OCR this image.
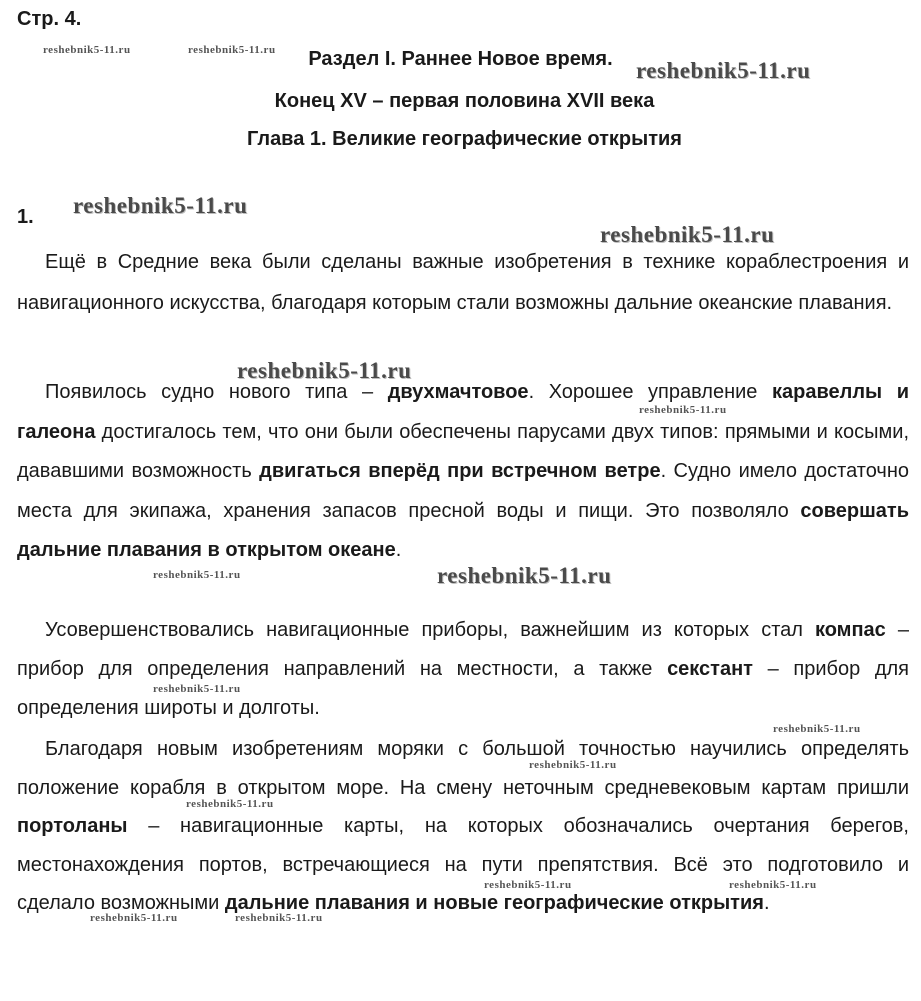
Стр. 4.
Раздел I. Раннее Новое время.
Конец XV – первая половина XVII века
Глава 1. Великие географические открытия
1.

Ещё в Средние века были сделаны важные изобретения в технике кораблестроения и навигационного искусства, благодаря которым стали возможны дальние океанские плавания.

Появилось судно нового типа – двухмачтовое. Хорошее управление каравеллы и галеона достигалось тем, что они были обеспечены парусами двух типов: прямыми и косыми, дававшими возможность двигаться вперёд при встречном ветре. Судно имело достаточно места для экипажа, хранения запасов пресной воды и пищи. Это позволяло совершать дальние плавания в открытом океане.

Усовершенствовались навигационные приборы, важнейшим из которых стал компас – прибор для определения направлений на местности, а также секстант – прибор для определения широты и долготы.

Благодаря новым изобретениям моряки с большой точностью научились определять положение корабля в открытом море. На смену неточным средневековым картам пришли портоланы – навигационные карты, на которых обозначались очертания берегов, местонахождения портов, встречающиеся на пути препятствия. Всё это подготовило и сделало возможными дальние плавания и новые географические открытия.

reshebnik5-11.ru	reshebnik5-11.ru
reshebnik5-11.ru
reshebnik5-11.ru
reshebnik5-11.ru
reshebnik5-11.ru
reshebnik5-11.ru
reshebnik5-11.ru	reshebnik5-11.ru
reshebnik5-11.ru
reshebnik5-11.ru
reshebnik5-11.ru
reshebnik5-11.ru
reshebnik5-11.ru	reshebnik5-11.ru
reshebnik5-11.ru	reshebnik5-11.ru
